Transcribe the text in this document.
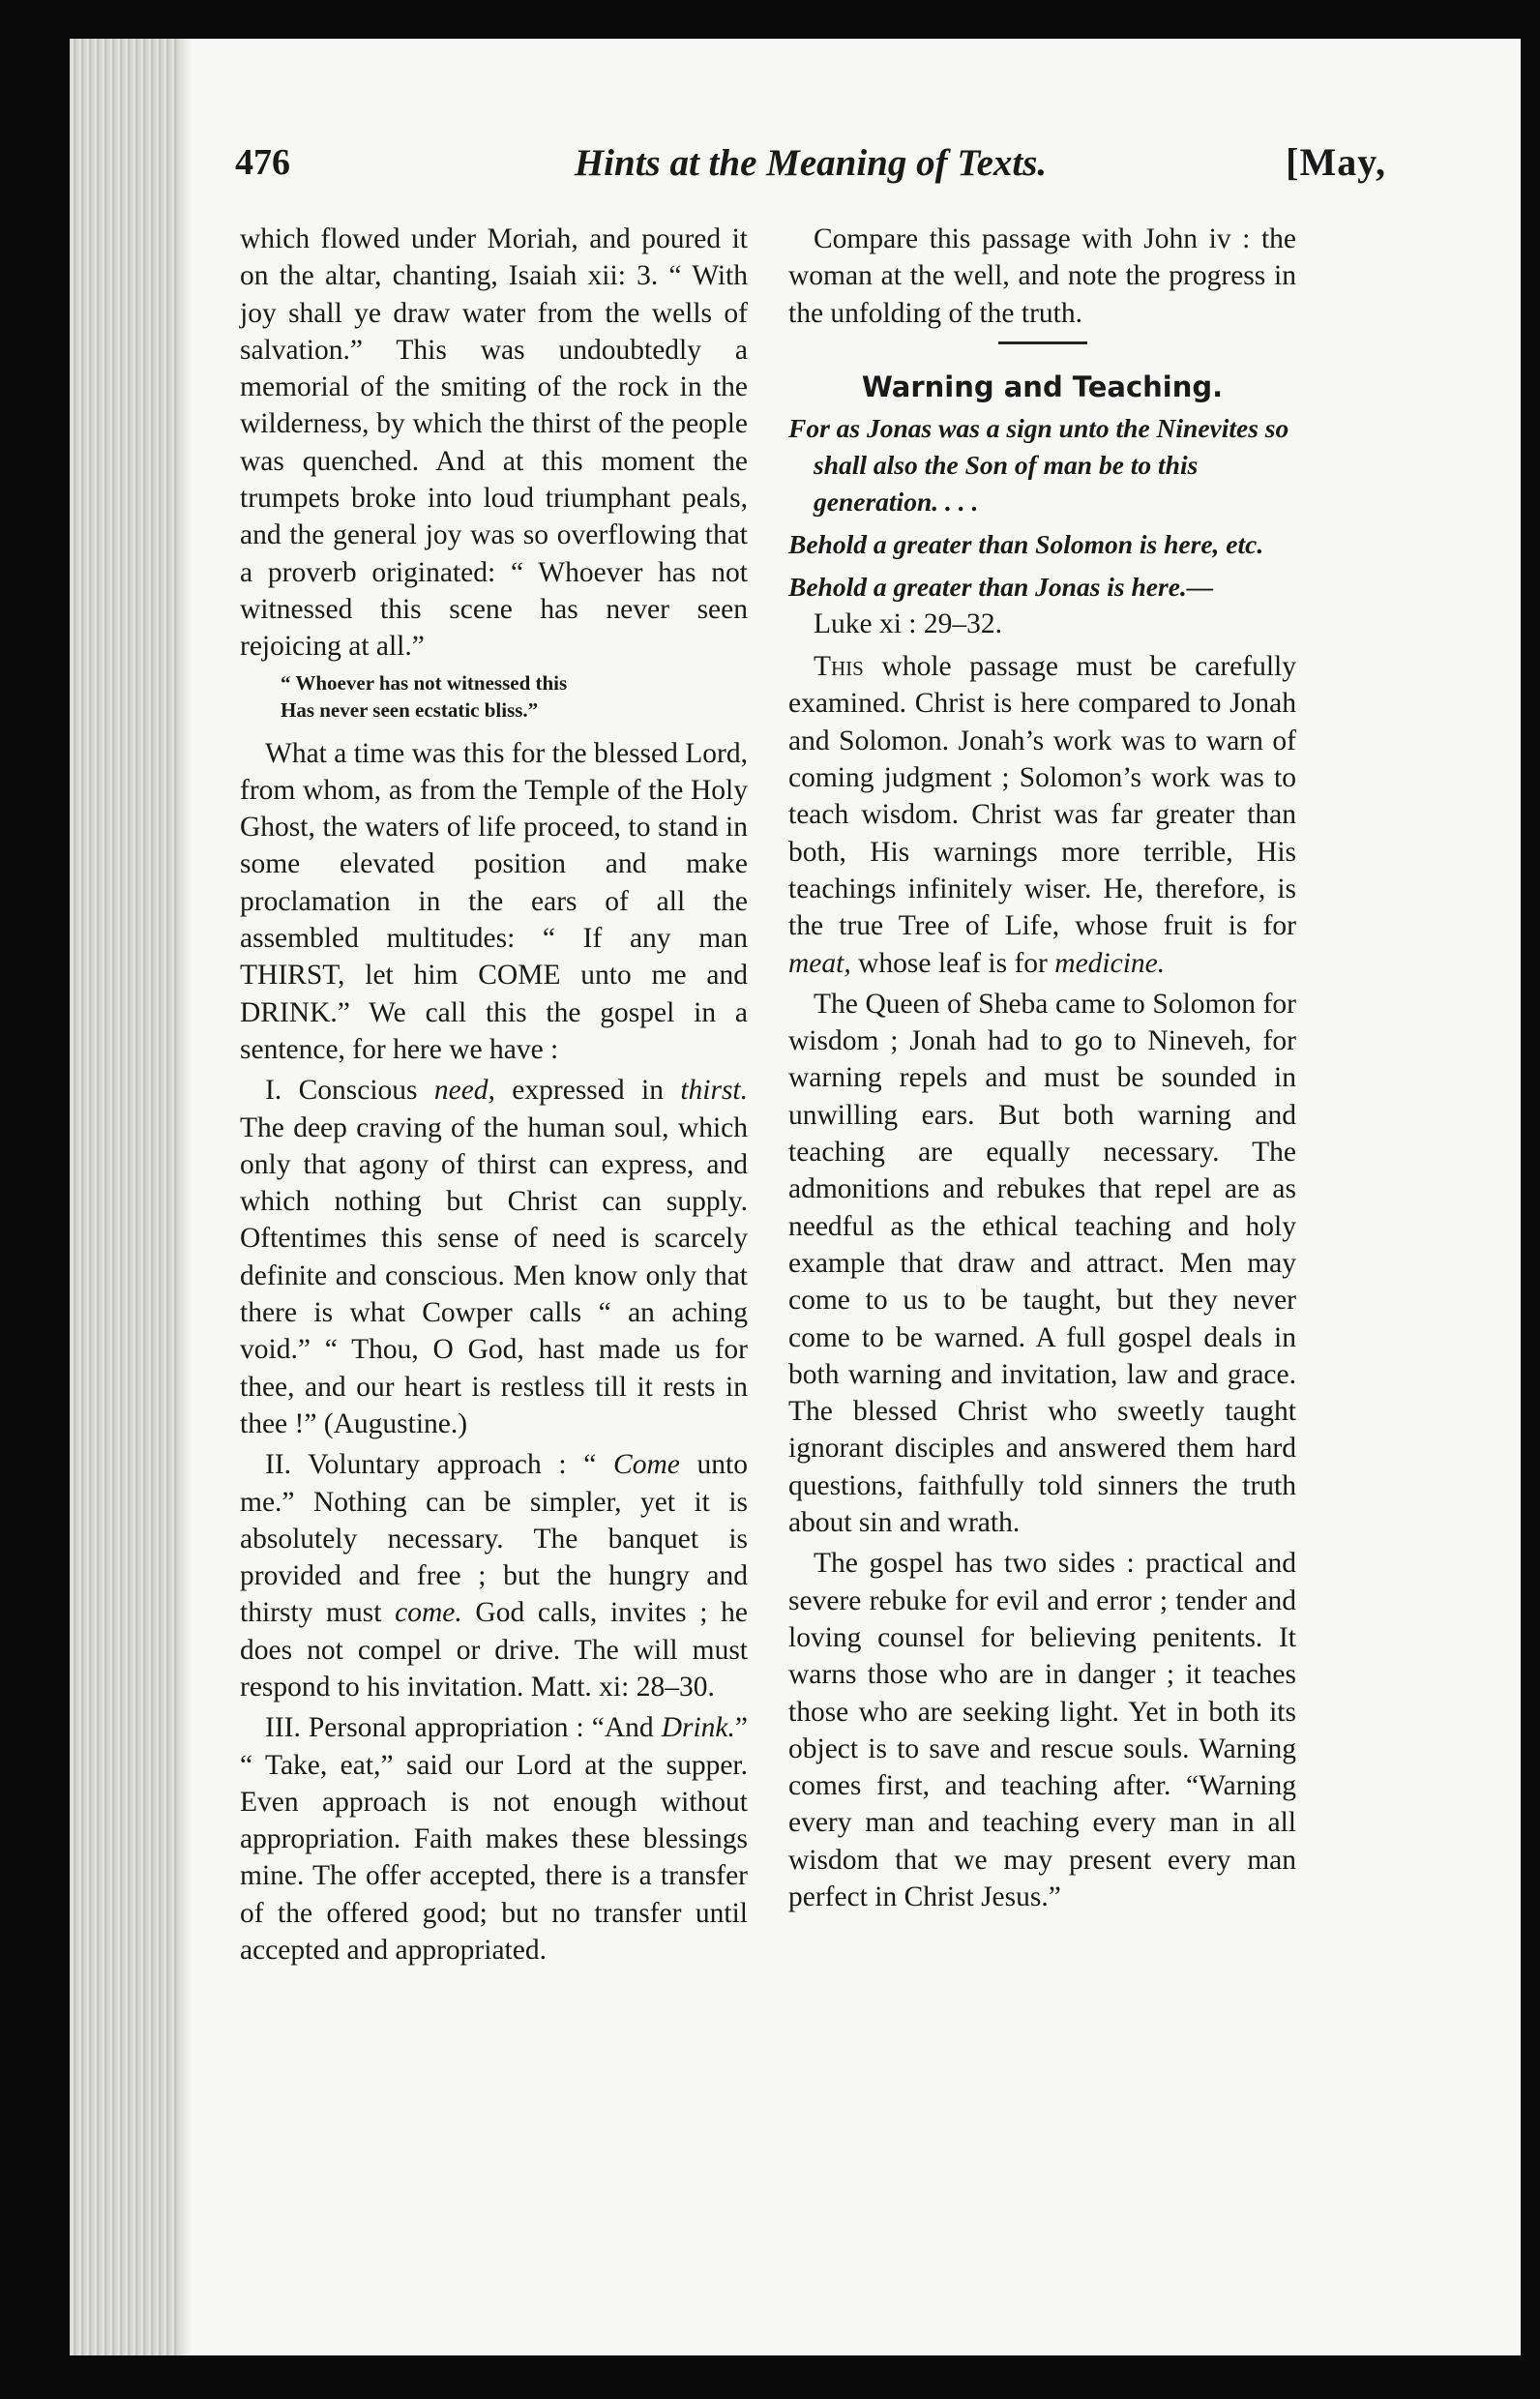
476	Hints at the Meaning of Texts.	[May,

which flowed under Moriah, and poured it on the altar, chanting, Isaiah xii: 3. “ With joy shall ye draw water from the wells of salvation.” This was undoubtedly a memorial of the smiting of the rock in the wilderness, by which the thirst of the people was quenched. And at this moment the trumpets broke into loud triumphant peals, and the general joy was so overflowing that a proverb originated: “ Whoever has not witnessed this scene has never seen rejoicing at all.”

“ Whoever has not witnessed this
Has never seen ecstatic bliss.”

What a time was this for the blessed Lord, from whom, as from the Temple of the Holy Ghost, the waters of life proceed, to stand in some elevated position and make proclamation in the ears of all the assembled multitudes: “ If any man THIRST, let him COME unto me and DRINK.” We call this the gospel in a sentence, for here we have :

I. Conscious need, expressed in thirst. The deep craving of the human soul, which only that agony of thirst can express, and which nothing but Christ can supply. Oftentimes this sense of need is scarcely definite and conscious. Men know only that there is what Cowper calls “ an aching void.” “ Thou, O God, hast made us for thee, and our heart is restless till it rests in thee !” (Augustine.)

II. Voluntary approach : “ Come unto me.” Nothing can be simpler, yet it is absolutely necessary. The banquet is provided and free ; but the hungry and thirsty must come. God calls, invites ; he does not compel or drive. The will must respond to his invitation. Matt. xi: 28–30.

III. Personal appropriation : “And Drink.” “ Take, eat,” said our Lord at the supper. Even approach is not enough without appropriation. Faith makes these blessings mine. The offer accepted, there is a transfer of the offered good; but no transfer until accepted and appropriated.

Compare this passage with John iv : the woman at the well, and note the progress in the unfolding of the truth.

Warning and Teaching.

For as Jonas was a sign unto the Ninevites so shall also the Son of man be to this generation. . . .

Behold a greater than Solomon is here, etc.

Behold a greater than Jonas is here.—

Luke xi : 29–32.

This whole passage must be carefully examined. Christ is here compared to Jonah and Solomon. Jonah’s work was to warn of coming judgment ; Solomon’s work was to teach wisdom. Christ was far greater than both, His warnings more terrible, His teachings infinitely wiser. He, therefore, is the true Tree of Life, whose fruit is for meat, whose leaf is for medicine.

The Queen of Sheba came to Solomon for wisdom ; Jonah had to go to Nineveh, for warning repels and must be sounded in unwilling ears. But both warning and teaching are equally necessary. The admonitions and rebukes that repel are as needful as the ethical teaching and holy example that draw and attract. Men may come to us to be taught, but they never come to be warned. A full gospel deals in both warning and invitation, law and grace. The blessed Christ who sweetly taught ignorant disciples and answered them hard questions, faithfully told sinners the truth about sin and wrath.

The gospel has two sides : practical and severe rebuke for evil and error ; tender and loving counsel for believing penitents. It warns those who are in danger ; it teaches those who are seeking light. Yet in both its object is to save and rescue souls. Warning comes first, and teaching after. “Warning every man and teaching every man in all wisdom that we may present every man perfect in Christ Jesus.”
